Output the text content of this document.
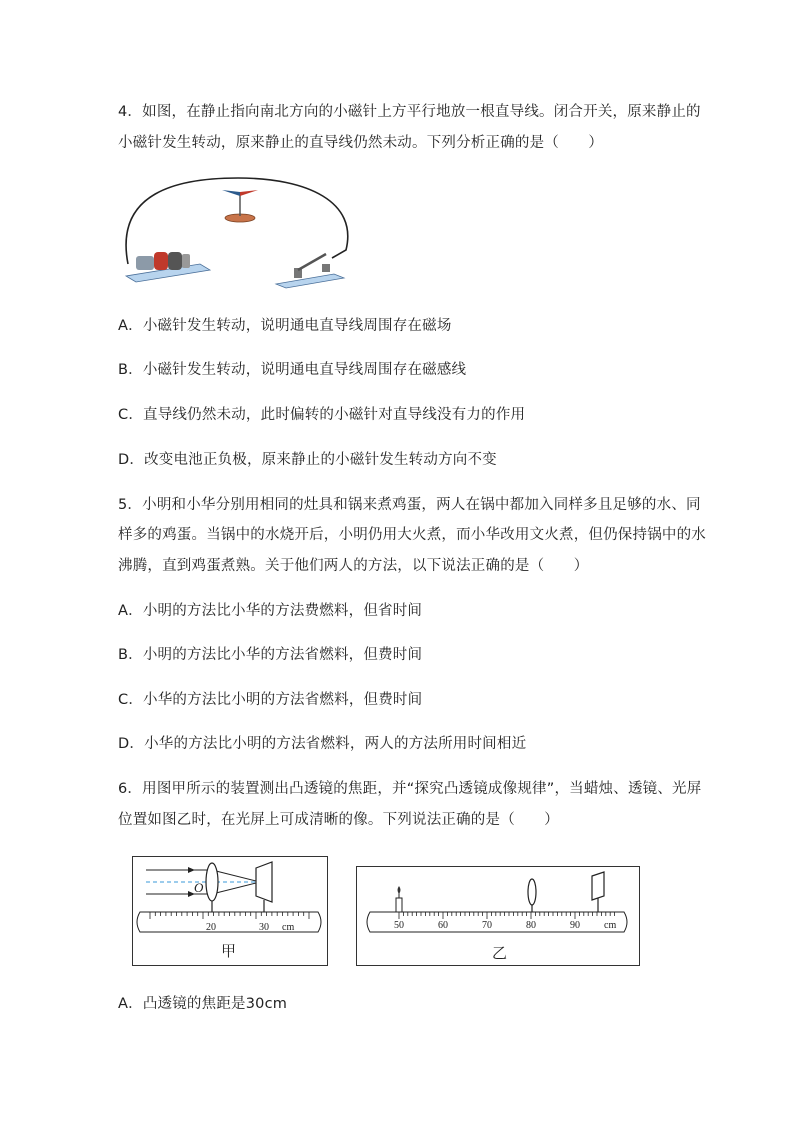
4．如图，在静止指向南北方向的小磁针上方平行地放一根直导线。闭合开关，原来静止的
小磁针发生转动，原来静止的直导线仍然未动。下列分析正确的是（　　）
A．小磁针发生转动，说明通电直导线周围存在磁场
B．小磁针发生转动，说明通电直导线周围存在磁感线
C．直导线仍然未动，此时偏转的小磁针对直导线没有力的作用
D．改变电池正负极，原来静止的小磁针发生转动方向不变
5．小明和小华分别用相同的灶具和锅来煮鸡蛋，两人在锅中都加入同样多且足够的水、同
样多的鸡蛋。当锅中的水烧开后，小明仍用大火煮，而小华改用文火煮，但仍保持锅中的水
沸腾，直到鸡蛋煮熟。关于他们两人的方法，以下说法正确的是（　　）
A．小明的方法比小华的方法费燃料，但省时间
B．小明的方法比小华的方法省燃料，但费时间
C．小华的方法比小明的方法省燃料，但费时间
D．小华的方法比小明的方法省燃料，两人的方法所用时间相近
6．用图甲所示的装置测出凸透镜的焦距，并“探究凸透镜成像规律”，当蜡烛、透镜、光屏
位置如图乙时，在光屏上可成清晰的像。下列说法正确的是（　　）
O
20	30 cm
甲
50	60	70	80	90 cm
乙
A．凸透镜的焦距是30cm
